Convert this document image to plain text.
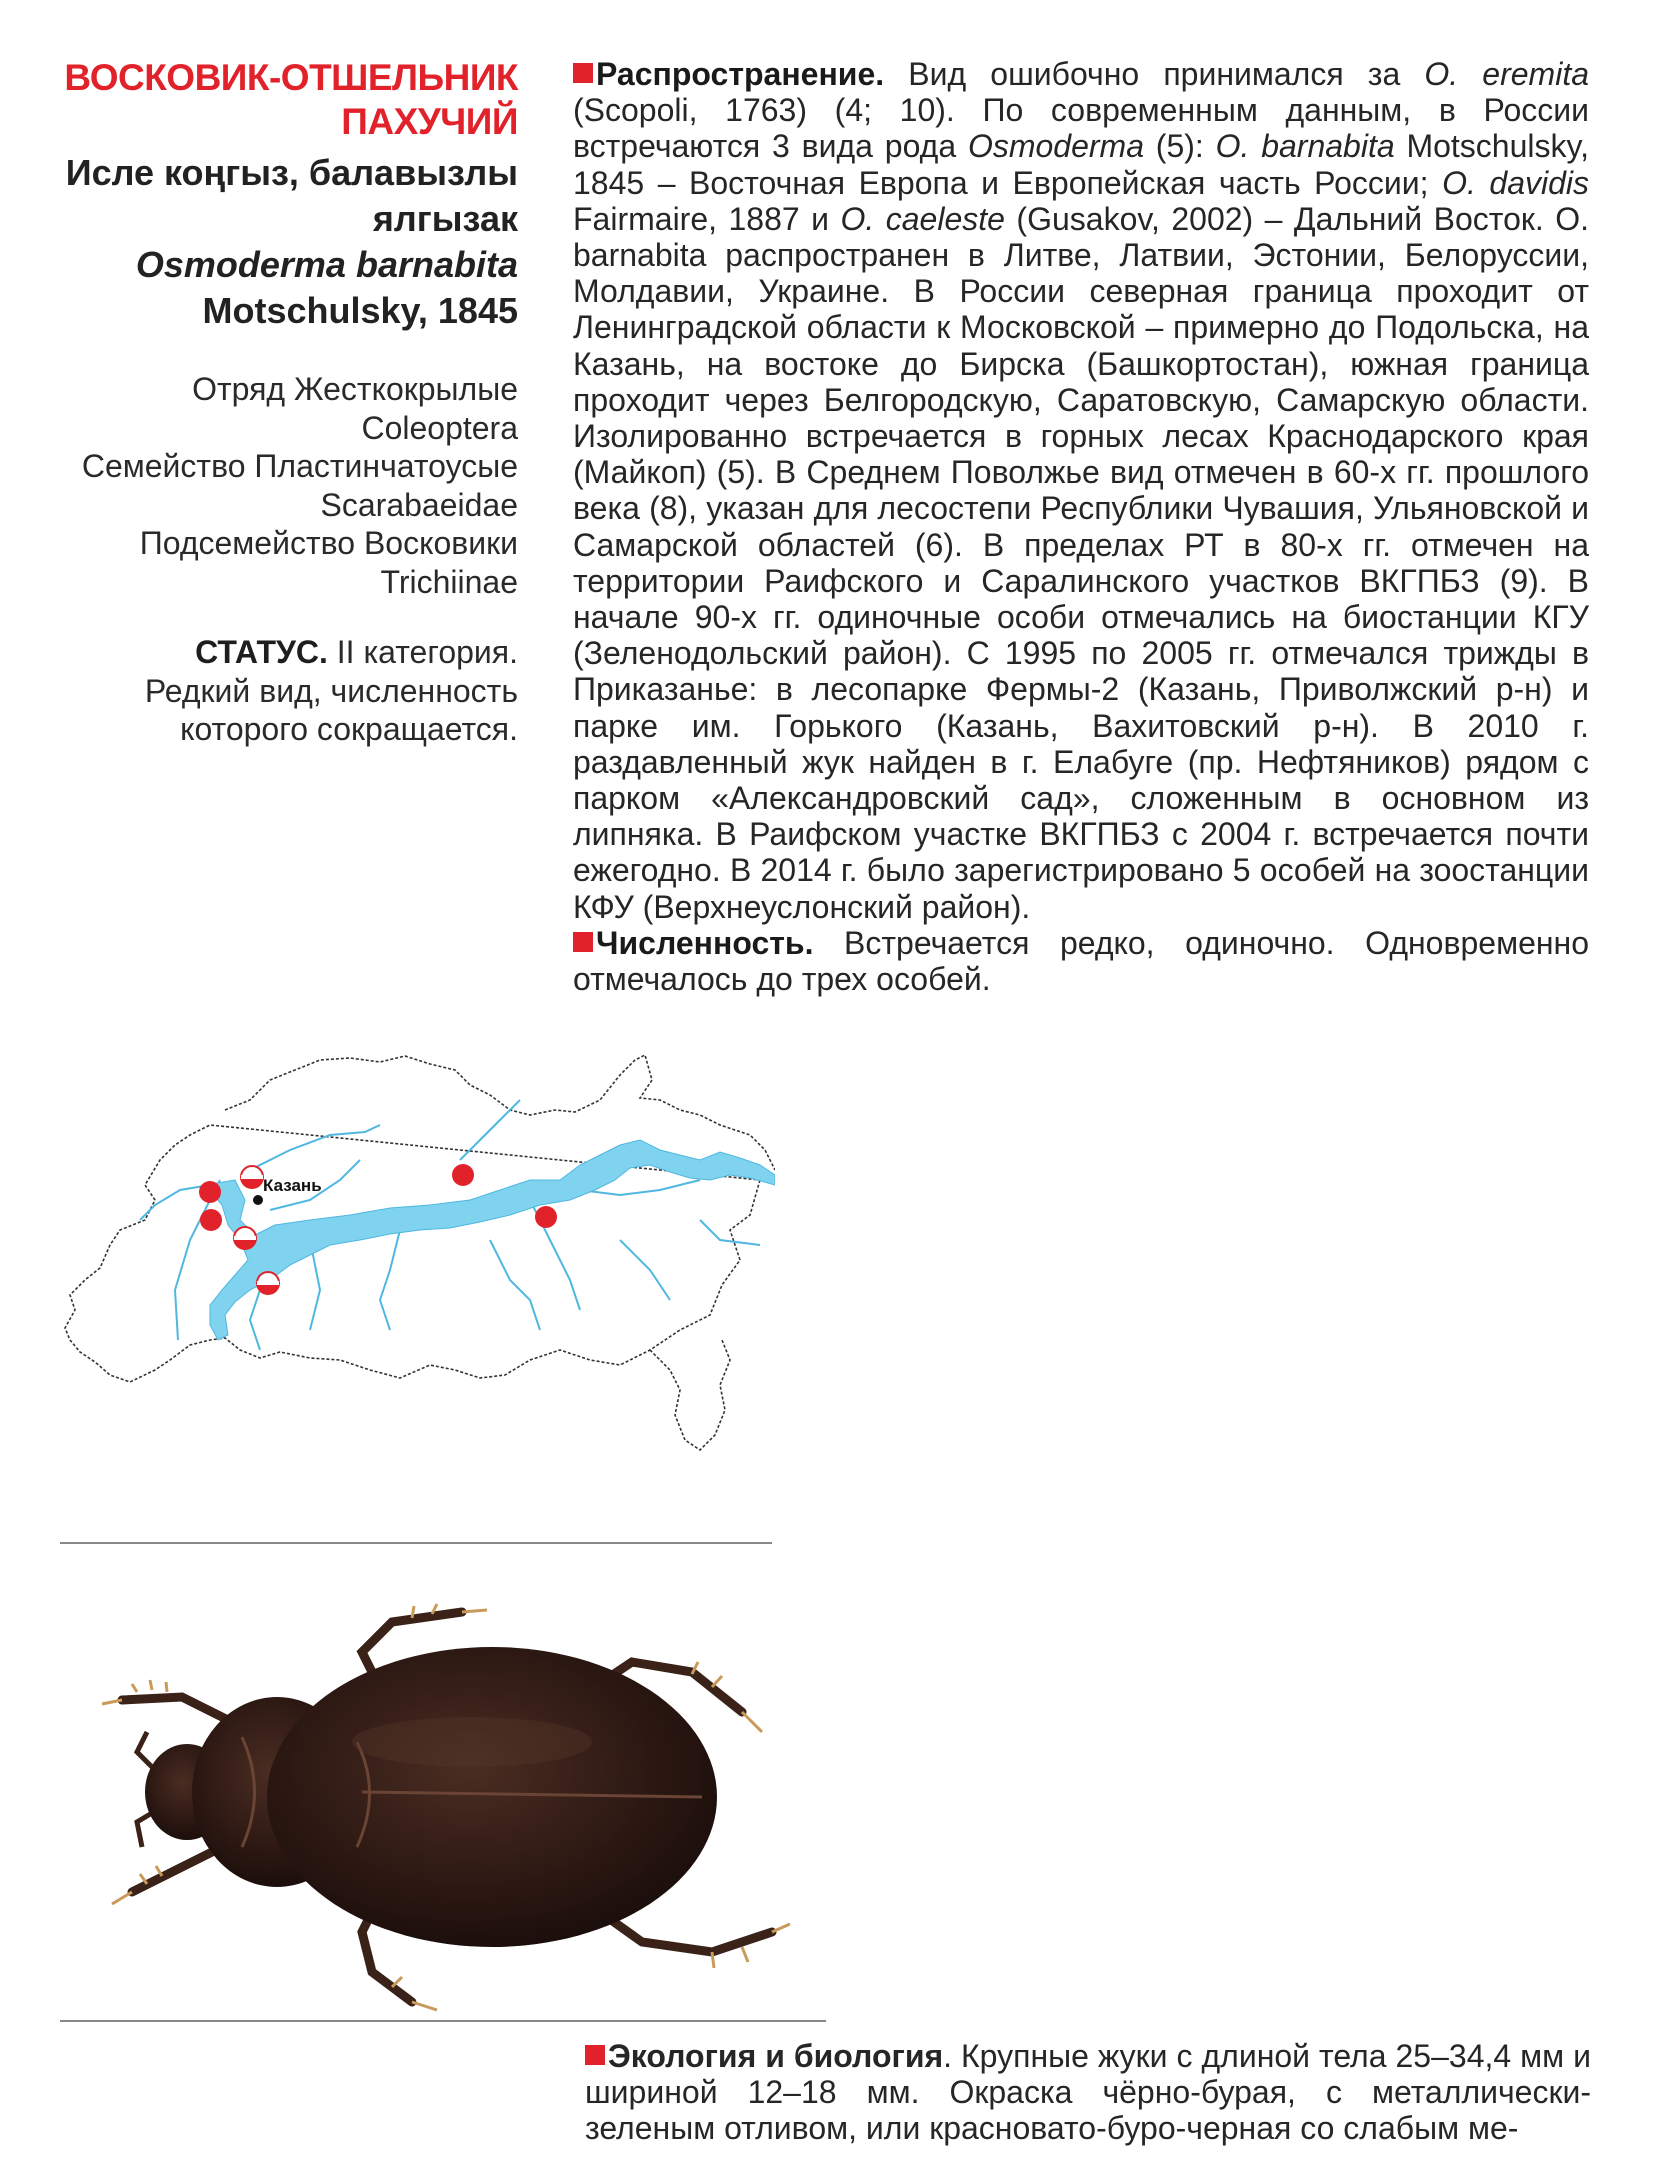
ВОСКОВИК-ОТШЕЛЬНИК

ПАХУЧИЙ

Исле коңгыз, балавызлы

ялгызак

Osmoderma barnabita

Motschulsky, 1845

Отряд Жесткокрылые
Coleoptera
Семейство Пластинчатоусые
Scarabaeidae
Подсемейство Восковики
Trichiinae
СТАТУС. II категория.
Редкий вид, численность
которого сокращается.

Распространение. Вид ошибочно принимался за O. eremita (Scopoli, 1763) (4; 10). По современным данным, в России встречаются 3 вида рода Osmoderma (5): O. barnabita Motschulsky, 1845 – Восточная Европа и Европейская часть России; O. davidis Fairmaire, 1887 и O. caeleste (Gusakov, 2002) – Дальний Восток. O. barnabita распространен в Литве, Латвии, Эстонии, Белоруссии, Молдавии, Украине. В России северная граница проходит от Ленинградской области к Московской – примерно до Подольска, на Казань, на востоке до Бирска (Башкортостан), южная граница проходит через Белгородскую, Саратовскую, Самарскую области. Изолированно встречается в горных лесах Краснодарского края (Майкоп) (5). В Среднем Поволжье вид отмечен в 60-х гг. прошлого века (8), указан для лесостепи Республики Чувашия, Ульяновской и Самарской областей (6). В пределах РТ в 80-х гг. отмечен на территории Раифского и Саралинского участков ВКГПБЗ (9). В начале 90-х гг. одиночные особи отмечались на биостанции КГУ (Зеленодольский район). С 1995 по 2005 гг. отмечался трижды в Приказанье: в лесопарке Фермы-2 (Казань, Приволжский р-н) и парке им. Горького (Казань, Вахитовский р-н). В 2010 г. раздавленный жук найден в г. Елабуге (пр. Нефтяников) рядом с парком «Александровский сад», сложенным в основном из липняка. В Раифском участке ВКГПБЗ с 2004 г. встречается почти ежегодно. В 2014 г. было зарегистрировано 5 особей на зоостанции КФУ (Верхнеуслонский район).

Численность. Встречается редко, одиночно. Одновременно отмечалось до трех особей.

Казань

Экология и биология. Крупные жуки с длиной тела 25–34,4 мм и шириной 12–18 мм. Окраска чёрно-бурая, с металлически-зеленым отливом, или красновато-буро-черная со слабым ме-
